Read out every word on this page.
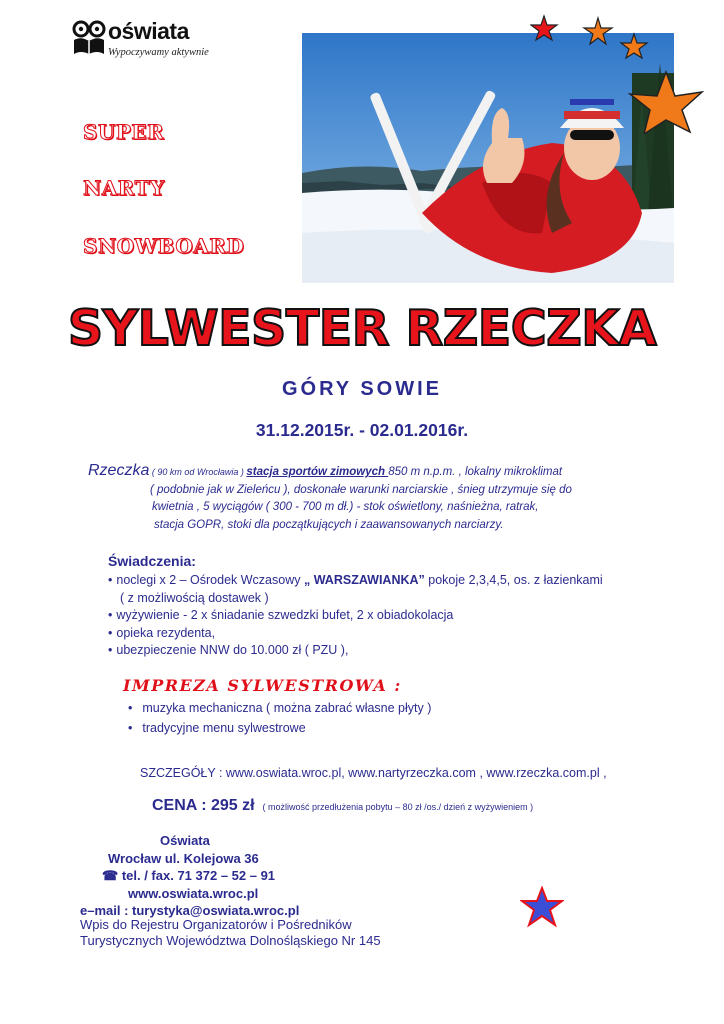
oświata
Wypoczywamy aktywnie
SUPER
NARTY
SNOWBOARD
SYLWESTER RZECZKA
GÓRY SOWIE
31.12.2015r. - 02.01.2016r.
Rzeczka ( 90 km od Wrocławia ) stacja sportów zimowych 850 m n.p.m. , lokalny mikroklimat
( podobnie jak w Zieleńcu ), doskonałe warunki narciarskie , śnieg utrzymuje się do
kwietnia , 5 wyciągów ( 300 - 700 m dł.) - stok oświetlony, naśnieżna, ratrak,
stacja GOPR, stoki dla początkujących i zaawansowanych narciarzy.
Świadczenia:
• noclegi x 2 – Ośrodek Wczasowy „ WARSZAWIANKA” pokoje 2,3,4,5, os. z łazienkami
( z możliwością dostawek )
• wyżywienie - 2 x śniadanie szwedzki bufet, 2 x obiadokolacja
• opieka rezydenta,
• ubezpieczenie NNW do 10.000 zł ( PZU ),
IMPREZA SYLWESTROWA :
• muzyka mechaniczna ( można zabrać własne płyty )
• tradycyjne menu sylwestrowe
SZCZEGÓŁY : www.oswiata.wroc.pl, www.nartyrzeczka.com , www.rzeczka.com.pl ,
CENA : 295 zł ( możliwość przedłużenia pobytu – 80 zł /os./ dzień z wyżywieniem )
Oświata
Wrocław ul. Kolejowa 36
☎ tel. / fax. 71 372 – 52 – 91
www.oswiata.wroc.pl
e–mail : turystyka@oswiata.wroc.pl
Wpis do Rejestru Organizatorów i Pośredników
Turystycznych Województwa Dolnośląskiego Nr 145
